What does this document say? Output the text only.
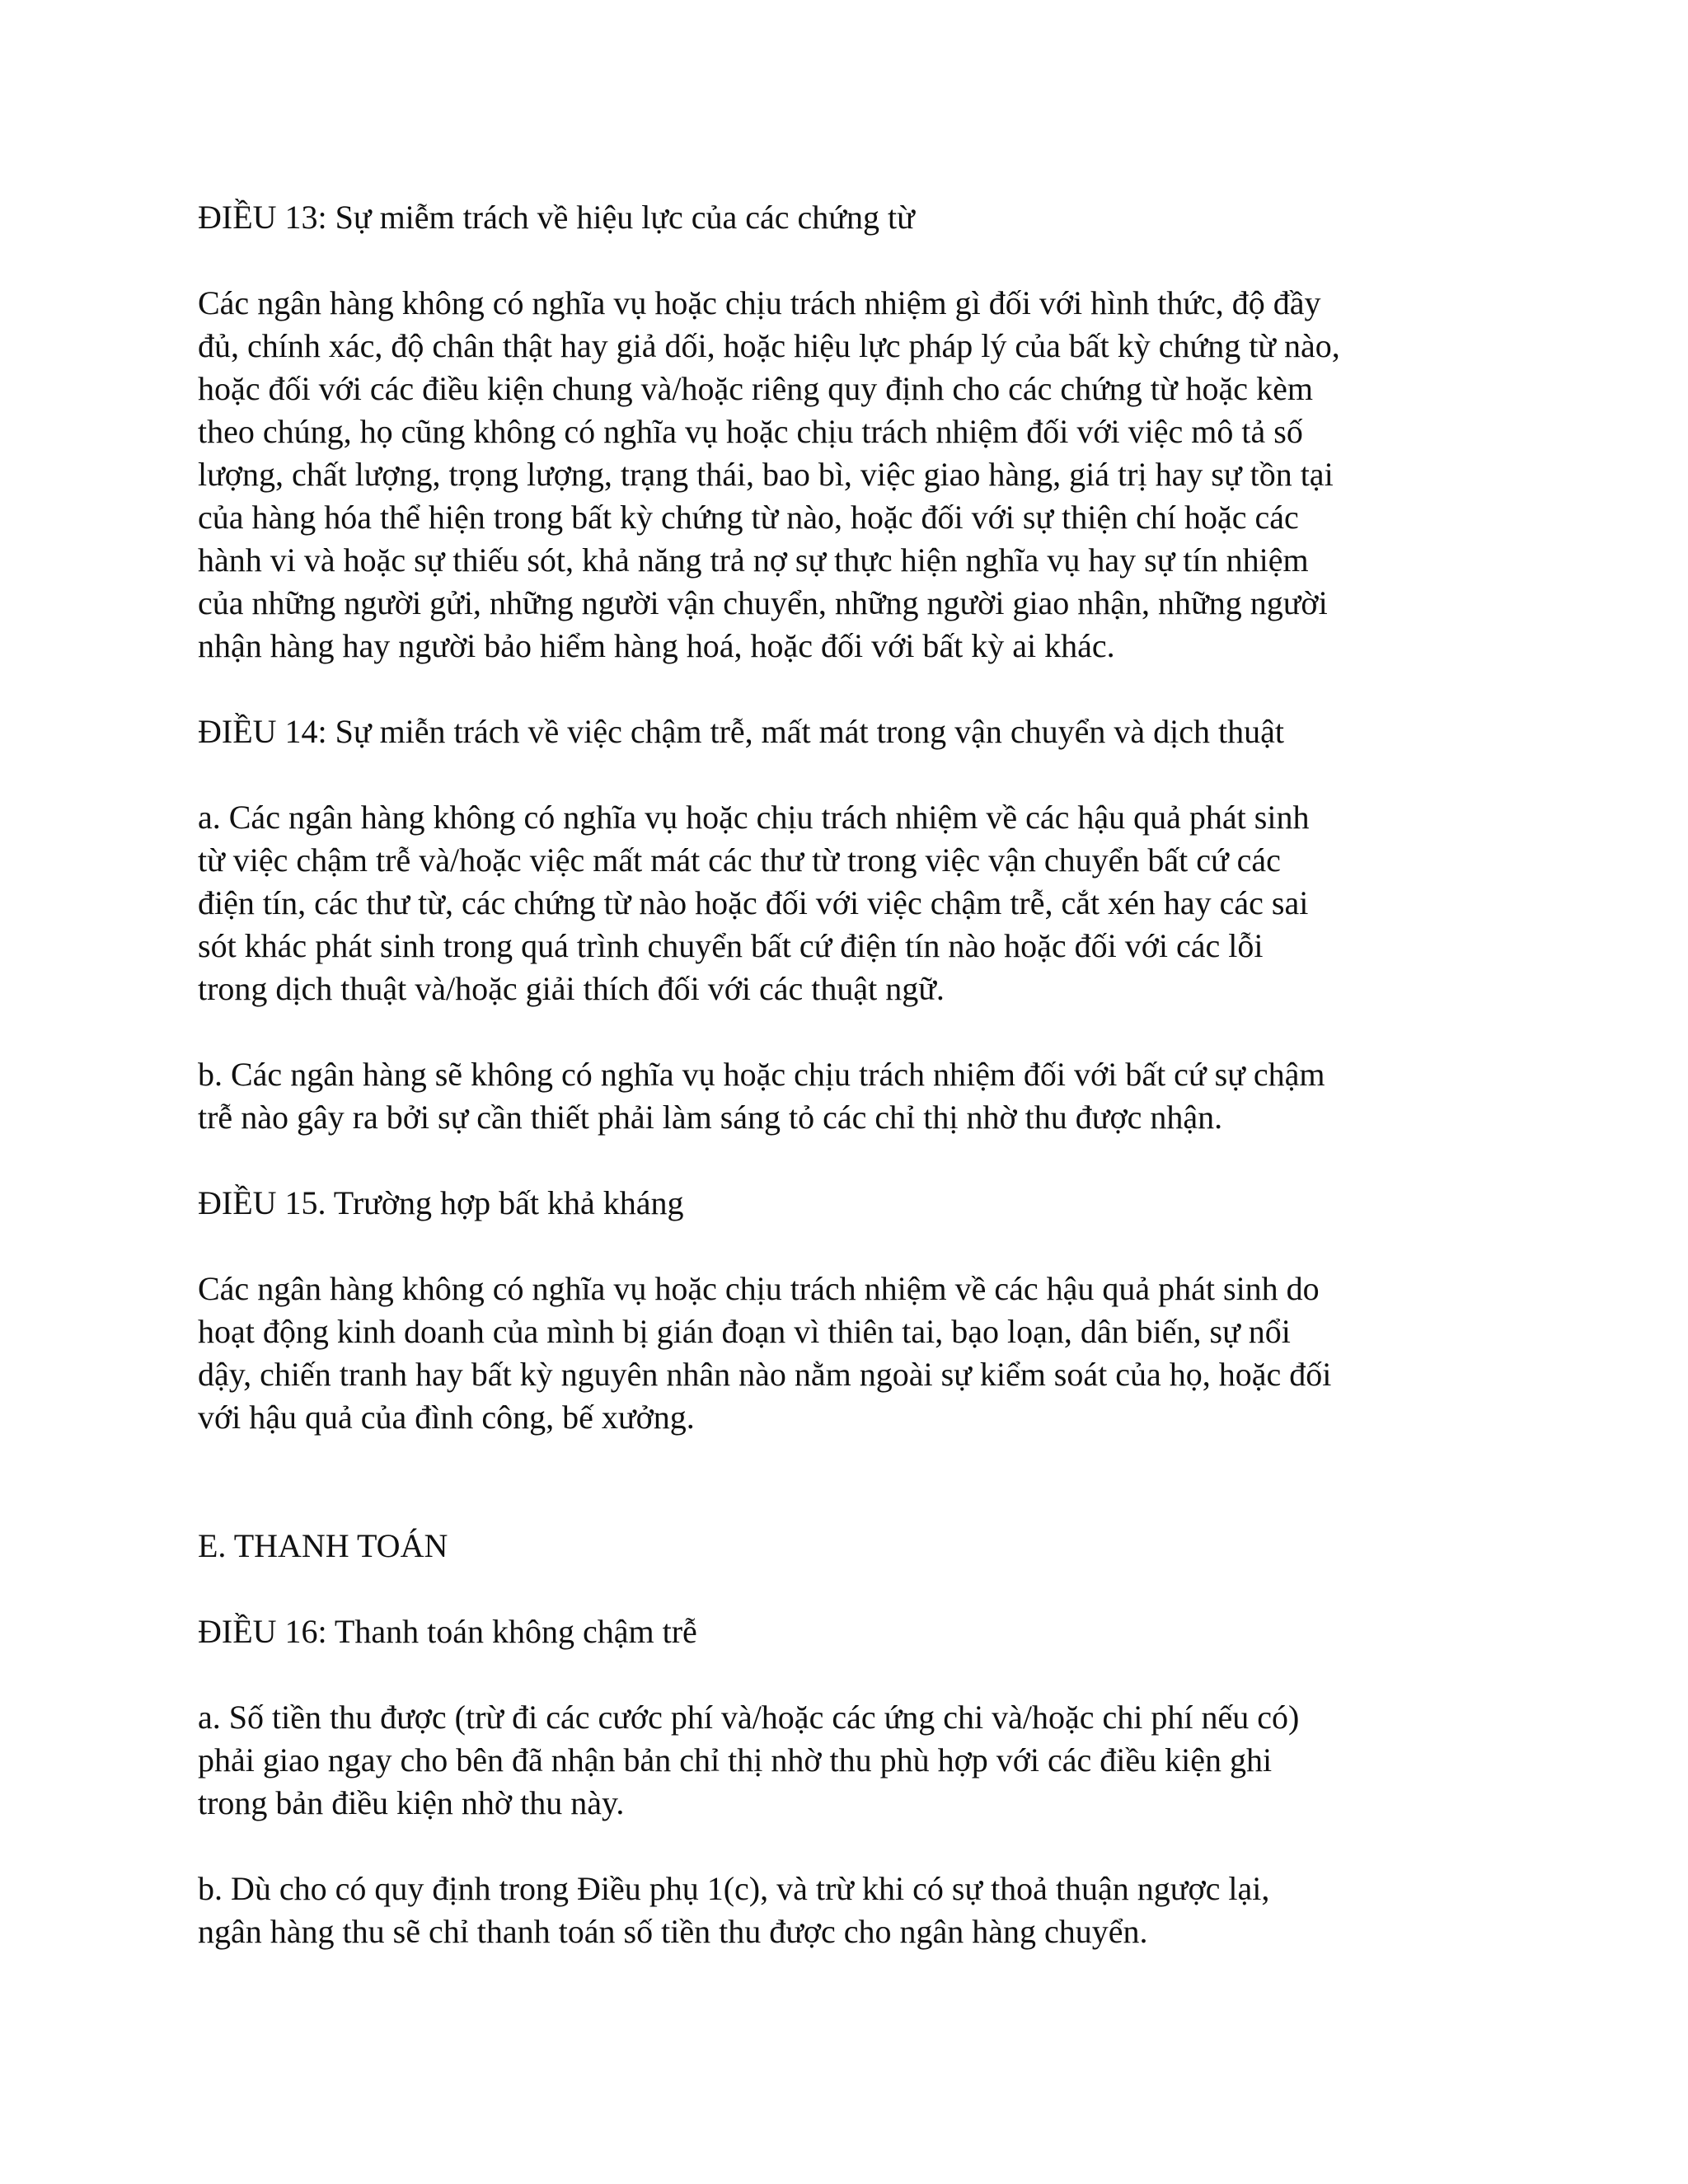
ĐIỀU 13: Sự miễm trách về hiệu lực của các chứng từ
Các ngân hàng không có nghĩa vụ hoặc chịu trách nhiệm gì đối với hình thức, độ đầy
đủ, chính xác, độ chân thật hay giả dối, hoặc hiệu lực pháp lý của bất kỳ chứng từ nào,
hoặc đối với các điều kiện chung và/hoặc riêng quy định cho các chứng từ hoặc kèm
theo chúng, họ cũng không có nghĩa vụ hoặc chịu trách nhiệm đối với việc mô tả số
lượng, chất lượng, trọng lượng, trạng thái, bao bì, việc giao hàng, giá trị hay sự tồn tại
của hàng hóa thể hiện trong bất kỳ chứng từ nào, hoặc đối với sự thiện chí hoặc các
hành vi và hoặc sự thiếu sót, khả năng trả nợ sự thực hiện nghĩa vụ hay sự tín nhiệm
của những người gửi, những người vận chuyển, những người giao nhận, những người
nhận hàng hay người bảo hiểm hàng hoá, hoặc đối với bất kỳ ai khác.
ĐIỀU 14: Sự miễn trách về việc chậm trễ, mất mát trong vận chuyển và dịch thuật
a. Các ngân hàng không có nghĩa vụ hoặc chịu trách nhiệm về các hậu quả phát sinh
từ việc chậm trễ và/hoặc việc mất mát các thư từ trong việc vận chuyển bất cứ các
điện tín, các thư từ, các chứng từ nào hoặc đối với việc chậm trễ, cắt xén hay các sai
sót khác phát sinh trong quá trình chuyển bất cứ điện tín nào hoặc đối với các lỗi
trong dịch thuật và/hoặc giải thích đối với các thuật ngữ.
b. Các ngân hàng sẽ không có nghĩa vụ hoặc chịu trách nhiệm đối với bất cứ sự chậm
trễ nào gây ra bởi sự cần thiết phải làm sáng tỏ các chỉ thị nhờ thu được nhận.
ĐIỀU 15. Trường hợp bất khả kháng
Các ngân hàng không có nghĩa vụ hoặc chịu trách nhiệm về các hậu quả phát sinh do
hoạt động kinh doanh của mình bị gián đoạn vì thiên tai, bạo loạn, dân biến, sự nổi
dậy, chiến tranh hay bất kỳ nguyên nhân nào nằm ngoài sự kiểm soát của họ, hoặc đối
với hậu quả của đình công, bế xưởng.
E. THANH TOÁN
ĐIỀU 16: Thanh toán không chậm trễ
a. Số tiền thu được (trừ đi các cước phí và/hoặc các ứng chi và/hoặc chi phí nếu có)
phải giao ngay cho bên đã nhận bản chỉ thị nhờ thu phù hợp với các điều kiện ghi
trong bản điều kiện nhờ thu này.
b. Dù cho có quy định trong Điều phụ 1(c), và trừ khi có sự thoả thuận ngược lại,
ngân hàng thu sẽ chỉ thanh toán số tiền thu được cho ngân hàng chuyển.
